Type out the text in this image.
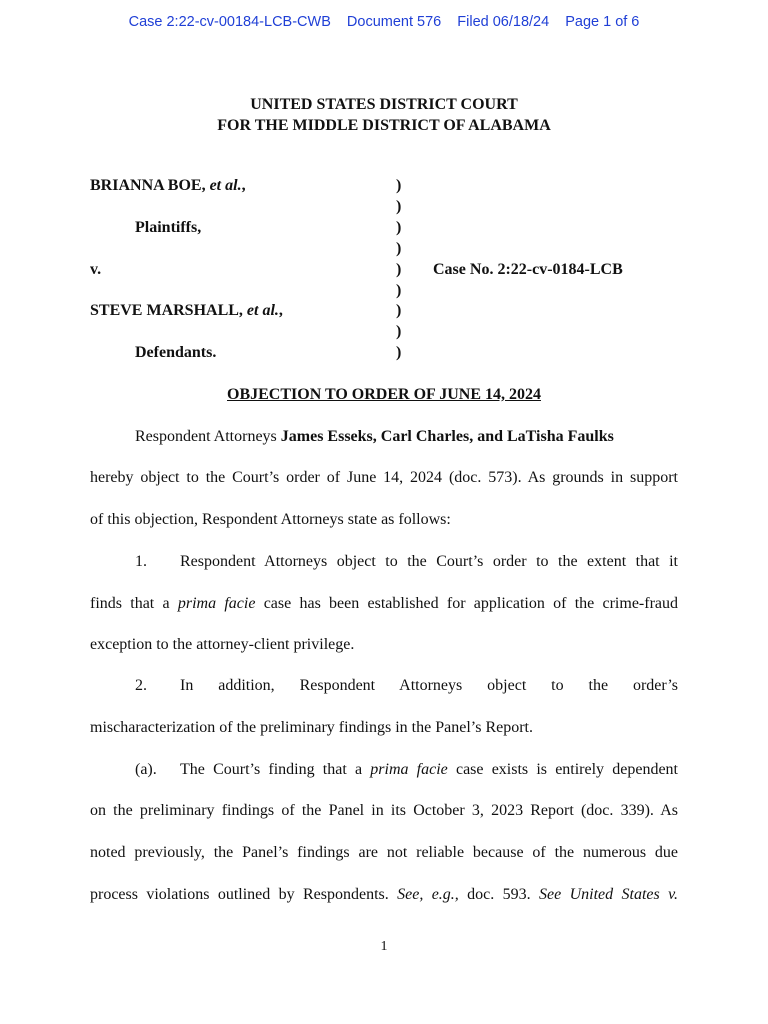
Case 2:22-cv-00184-LCB-CWB Document 576 Filed 06/18/24 Page 1 of 6
UNITED STATES DISTRICT COURT
FOR THE MIDDLE DISTRICT OF ALABAMA
BRIANNA BOE, et al.,
Plaintiffs,
v.
STEVE MARSHALL, et al.,
Defendants.
)
)
)
)
)
)
)
)
)
Case No. 2:22-cv-0184-LCB
OBJECTION TO ORDER OF JUNE 14, 2024
Respondent Attorneys James Esseks, Carl Charles, and LaTisha Faulks
hereby object to the Court’s order of June 14, 2024 (doc. 573). As grounds in support
of this objection, Respondent Attorneys state as follows:
1. Respondent Attorneys object to the Court’s order to the extent that it
finds that a prima facie case has been established for application of the crime-fraud
exception to the attorney-client privilege.
2.	In addition, Respondent Attorneys object to the order’s
mischaracterization of the preliminary findings in the Panel’s Report.
(a). The Court’s finding that a prima facie case exists is entirely dependent
on the preliminary findings of the Panel in its October 3, 2023 Report (doc. 339). As
noted previously, the Panel’s findings are not reliable because of the numerous due
process violations outlined by Respondents. See, e.g., doc. 593. See United States v.
1
